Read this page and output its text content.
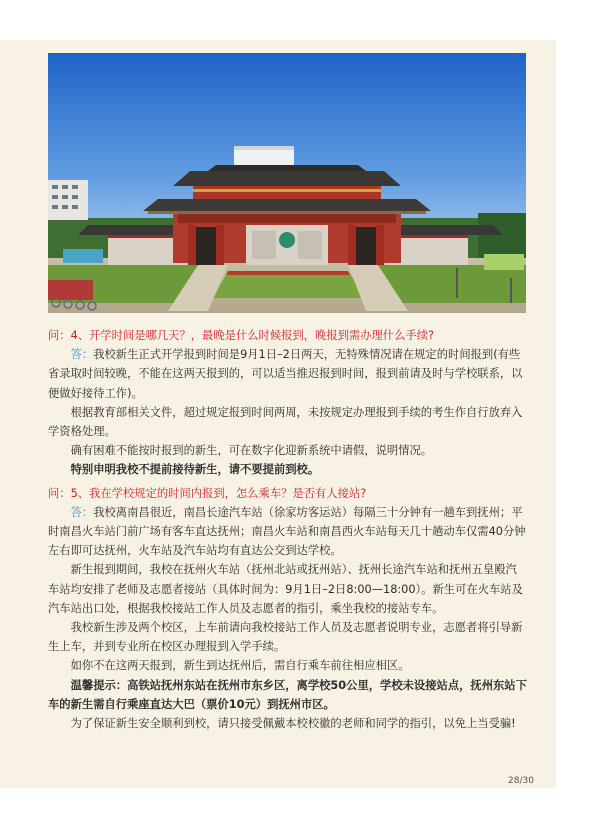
问：4、开学时间是哪几天？，最晚是什么时候报到，晚报到需办理什么手续?

答：我校新生正式开学报到时间是9月1日–2日两天，无特殊情况请在规定的时间报到(有些省录取时间较晚，不能在这两天报到的，可以适当推迟报到时间，报到前请及时与学校联系，以便做好接待工作)。

根据教育部相关文件，超过规定报到时间两周，未按规定办理报到手续的考生作自行放弃入学资格处理。

确有困难不能按时报到的新生，可在数字化迎新系统中请假，说明情况。

特别申明我校不提前接待新生，请不要提前到校。

问：5、我在学校规定的时间内报到，怎么乘车？是否有人接站?

答：我校离南昌很近，南昌长途汽车站（徐家坊客运站）每隔三十分钟有一趟车到抚州；平时南昌火车站门前广场有客车直达抚州；南昌火车站和南昌西火车站每天几十趟动车仅需40分钟左右即可达抚州，火车站及汽车站均有直达公交到达学校。

新生报到期间，我校在抚州火车站（抚州北站或抚州站）、抚州长途汽车站和抚州五皇殿汽车站均安排了老师及志愿者接站（具体时间为：9月1日–2日8:00—18:00）。新生可在火车站及汽车站出口处，根据我校接站工作人员及志愿者的指引，乘坐我校的接站专车。

我校新生涉及两个校区，上车前请向我校接站工作人员及志愿者说明专业，志愿者将引导新生上车，并到专业所在校区办理报到入学手续。

如你不在这两天报到，新生到达抚州后，需自行乘车前往相应相区。

温馨提示：高铁站抚州东站在抚州市东乡区，离学校50公里，学校未设接站点，抚州东站下车的新生需自行乘座直达大巴（票价10元）到抚州市区。

为了保证新生安全顺利到校，请只接受佩戴本校校徽的老师和同学的指引，以免上当受骗!

28/30
